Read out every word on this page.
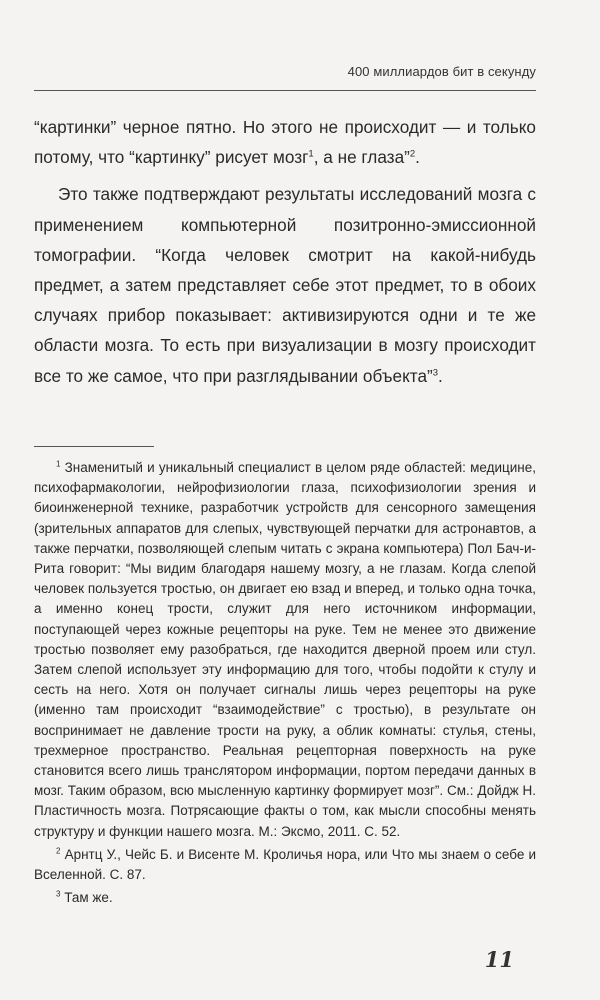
400 миллиардов бит в секунду

“картинки” черное пятно. Но этого не происходит — и только потому, что “картинку” рисует мозг$^1$, а не глаза”$^2$.

Это также подтверждают результаты исследований мозга с применением компьютерной позитронно-эмиссионной томографии. “Когда человек смотрит на какой-нибудь предмет, а затем представляет себе этот предмет, то в обоих случаях прибор показывает: активизируются одни и те же области мозга. То есть при визуализации в мозгу происходит все то же самое, что при разглядывании объекта”$^3$.

$^1$ Знаменитый и уникальный специалист в целом ряде областей: медицине, психофармакологии, нейрофизиологии глаза, психофизиологии зрения и биоинженерной технике, разработчик устройств для сенсорного замещения (зрительных аппаратов для слепых, чувствующей перчатки для астронавтов, а также перчатки, позволяющей слепым читать с экрана компьютера) Пол Бач-и-Рита говорит: “Мы видим благодаря нашему мозгу, а не глазам. Когда слепой человек пользуется тростью, он двигает ею взад и вперед, и только одна точка, а именно конец трости, служит для него источником информации, поступающей через кожные рецепторы на руке. Тем не менее это движение тростью позволяет ему разобраться, где находится дверной проем или стул. Затем слепой использует эту информацию для того, чтобы подойти к стулу и сесть на него. Хотя он получает сигналы лишь через рецепторы на руке (именно там происходит “взаимодействие” с тростью), в результате он воспринимает не давление трости на руку, а облик комнаты: стулья, стены, трехмерное пространство. Реальная рецепторная поверхность на руке становится всего лишь транслятором информации, портом передачи данных в мозг. Таким образом, всю мысленную картинку формирует мозг”. См.: Дойдж Н. Пластичность мозга. Потрясающие факты о том, как мысли способны менять структуру и функции нашего мозга. М.: Эксмо, 2011. С. 52.

$^2$ Арнтц У., Чейс Б. и Висенте М. Кроличья нора, или Что мы знаем о себе и Вселенной. С. 87.

$^3$ Там же.

11
